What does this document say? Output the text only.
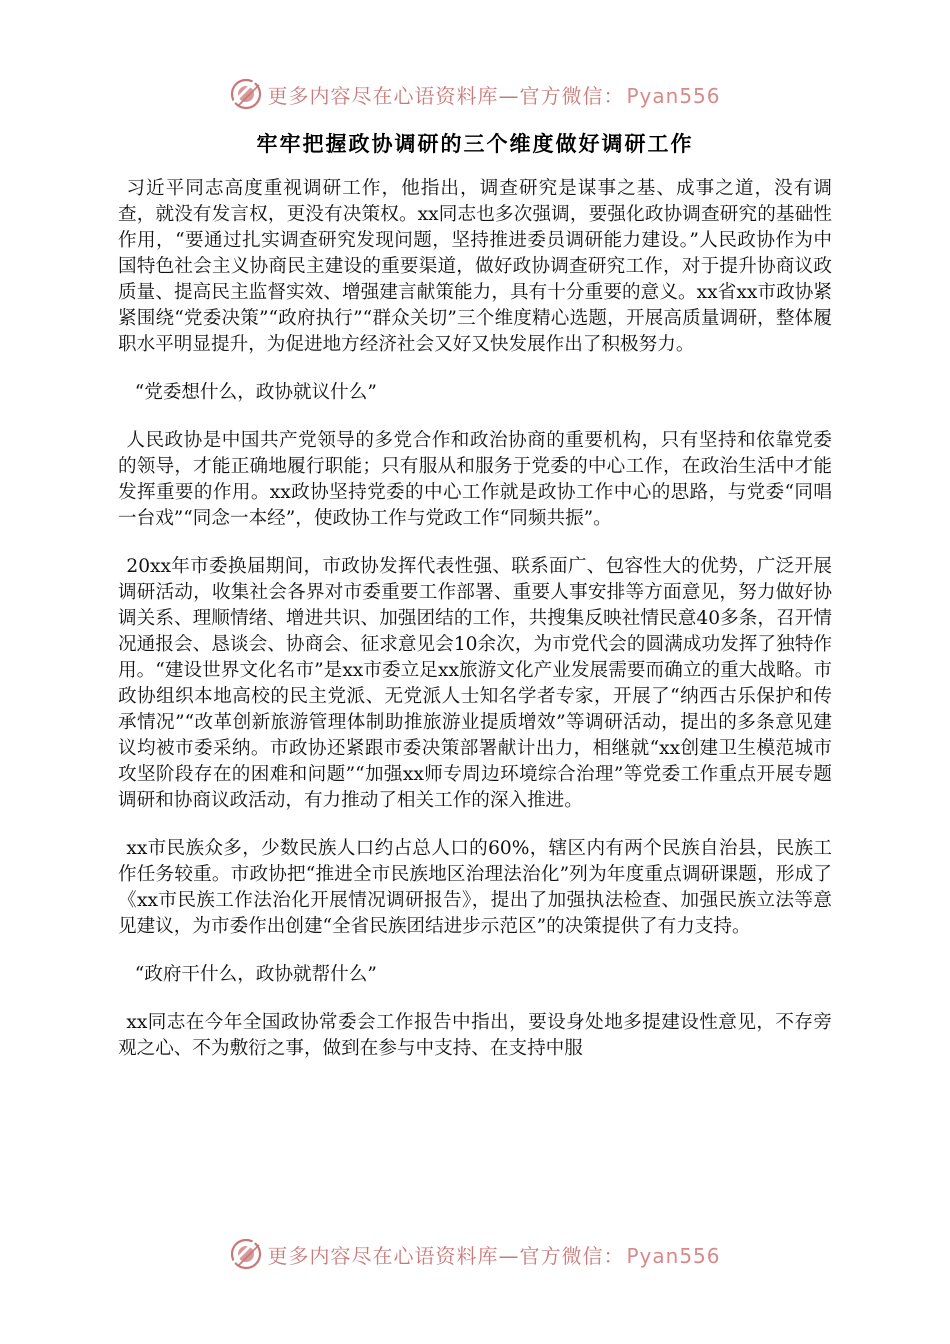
更多内容尽在心语资料库—官方微信： Pyan556
牢牢把握政协调研的三个维度做好调研工作

习近平同志高度重视调研工作，他指出，调查研究是谋事之基、成事之道，没有调查，就没有发言权，更没有决策权。xx同志也多次强调，要强化政协调查研究的基础性作用，“要通过扎实调查研究发现问题，坚持推进委员调研能力建设。”人民政协作为中国特色社会主义协商民主建设的重要渠道，做好政协调查研究工作，对于提升协商议政质量、提高民主监督实效、增强建言献策能力，具有十分重要的意义。xx省xx市政协紧紧围绕“党委决策”“政府执行”“群众关切”三个维度精心选题，开展高质量调研，整体履职水平明显提升，为促进地方经济社会又好又快发展作出了积极努力。

“党委想什么，政协就议什么”

人民政协是中国共产党领导的多党合作和政治协商的重要机构，只有坚持和依靠党委的领导，才能正确地履行职能；只有服从和服务于党委的中心工作，在政治生活中才能发挥重要的作用。xx政协坚持党委的中心工作就是政协工作中心的思路，与党委“同唱一台戏”“同念一本经”，使政协工作与党政工作“同频共振”。

20xx年市委换届期间，市政协发挥代表性强、联系面广、包容性大的优势，广泛开展调研活动，收集社会各界对市委重要工作部署、重要人事安排等方面意见，努力做好协调关系、理顺情绪、增进共识、加强团结的工作，共搜集反映社情民意40多条，召开情况通报会、恳谈会、协商会、征求意见会10余次，为市党代会的圆满成功发挥了独特作用。“建设世界文化名市”是xx市委立足xx旅游文化产业发展需要而确立的重大战略。市政协组织本地高校的民主党派、无党派人士知名学者专家，开展了“纳西古乐保护和传承情况”“改革创新旅游管理体制助推旅游业提质增效”等调研活动，提出的多条意见建议均被市委采纳。市政协还紧跟市委决策部署献计出力，相继就“xx创建卫生模范城市攻坚阶段存在的困难和问题”“加强xx师专周边环境综合治理”等党委工作重点开展专题调研和协商议政活动，有力推动了相关工作的深入推进。

xx市民族众多，少数民族人口约占总人口的60%，辖区内有两个民族自治县，民族工作任务较重。市政协把“推进全市民族地区治理法治化”列为年度重点调研课题，形成了《xx市民族工作法治化开展情况调研报告》，提出了加强执法检查、加强民族立法等意见建议，为市委作出创建“全省民族团结进步示范区”的决策提供了有力支持。

“政府干什么，政协就帮什么”

xx同志在今年全国政协常委会工作报告中指出，要设身处地多提建设性意见，不存旁观之心、不为敷衍之事，做到在参与中支持、在支持中服

更多内容尽在心语资料库—官方微信： Pyan556
